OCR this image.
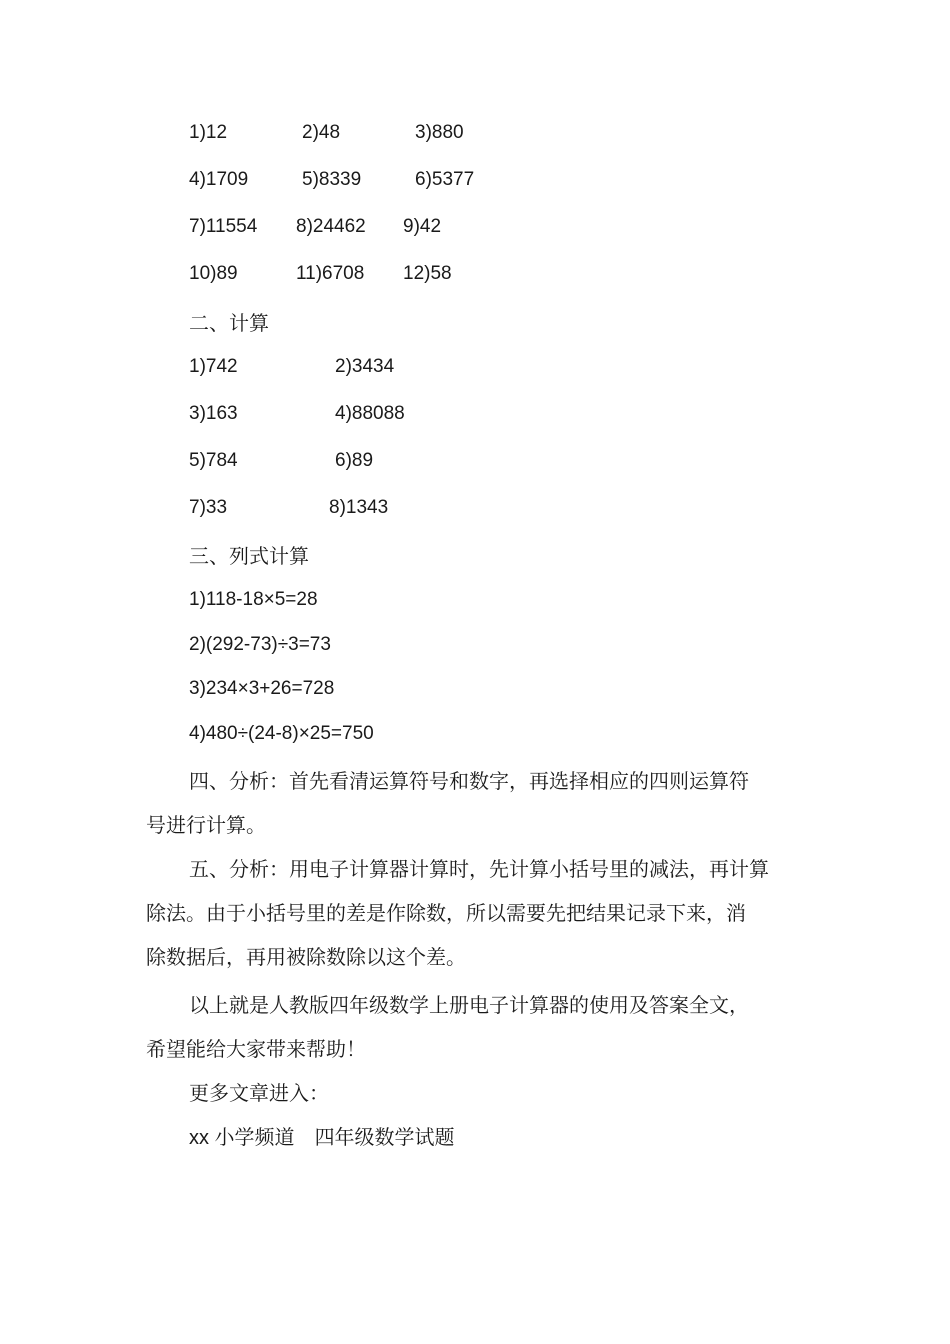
1)12	2)48	3)880
4)1709	5)8339	6)5377
7)11554 8)24462 9)42
10)89	11)6708 12)58
二、计算
1)742	2)3434
3)163	4)88088
5)784	6)89
7)33	8)1343
三、列式计算
1)118-18×5=28
2)(292-73)÷3=73
3)234×3+26=728
4)480÷(24-8)×25=750
四、分析：首先看清运算符号和数字，再选择相应的四则运算符
号进行计算。
五、分析：用电子计算器计算时，先计算小括号里的减法，再计算
除法。由于小括号里的差是作除数，所以需要先把结果记录下来，消
除数据后，再用被除数除以这个差。
以上就是人教版四年级数学上册电子计算器的使用及答案全文，
希望能给大家带来帮助！
更多文章进入：
xx 小学频道 四年级数学试题
